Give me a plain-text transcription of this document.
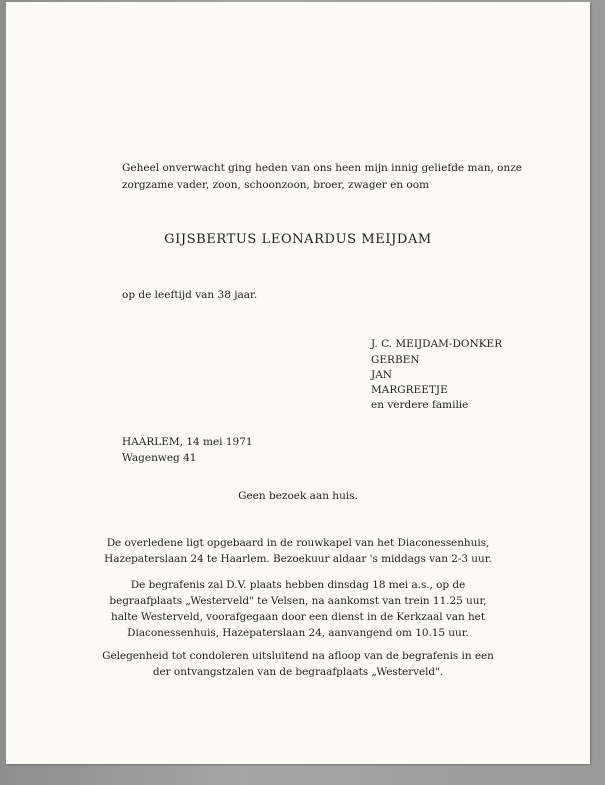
Geheel onverwacht ging heden van ons heen mijn innig geliefde man, onze
zorgzame vader, zoon, schoonzoon, broer, zwager en oom
GIJSBERTUS LEONARDUS MEIJDAM
op de leeftijd van 38 jaar.
J. C. MEIJDAM-DONKER
GERBEN
JAN
MARGREETJE
en verdere familie
HAARLEM, 14 mei 1971
Wagenweg 41
Geen bezoek aan huis.
De overledene ligt opgebaard in de rouwkapel van het Diaconessenhuis,
Hazepaterslaan 24 te Haarlem. Bezoekuur aldaar 's middags van 2-3 uur.
De begrafenis zal D.V. plaats hebben dinsdag 18 mei a.s., op de
begraafplaats „Westerveld" te Velsen, na aankomst van trein 11.25 uur,
halte Westerveld, voorafgegaan door een dienst in de Kerkzaal van het
Diaconessenhuis, Hazepaterslaan 24, aanvangend om 10.15 uur.
Gelegenheid tot condoleren uitsluitend na afloop van de begrafenis in een
der ontvangstzalen van de begraafplaats „Westerveld".
